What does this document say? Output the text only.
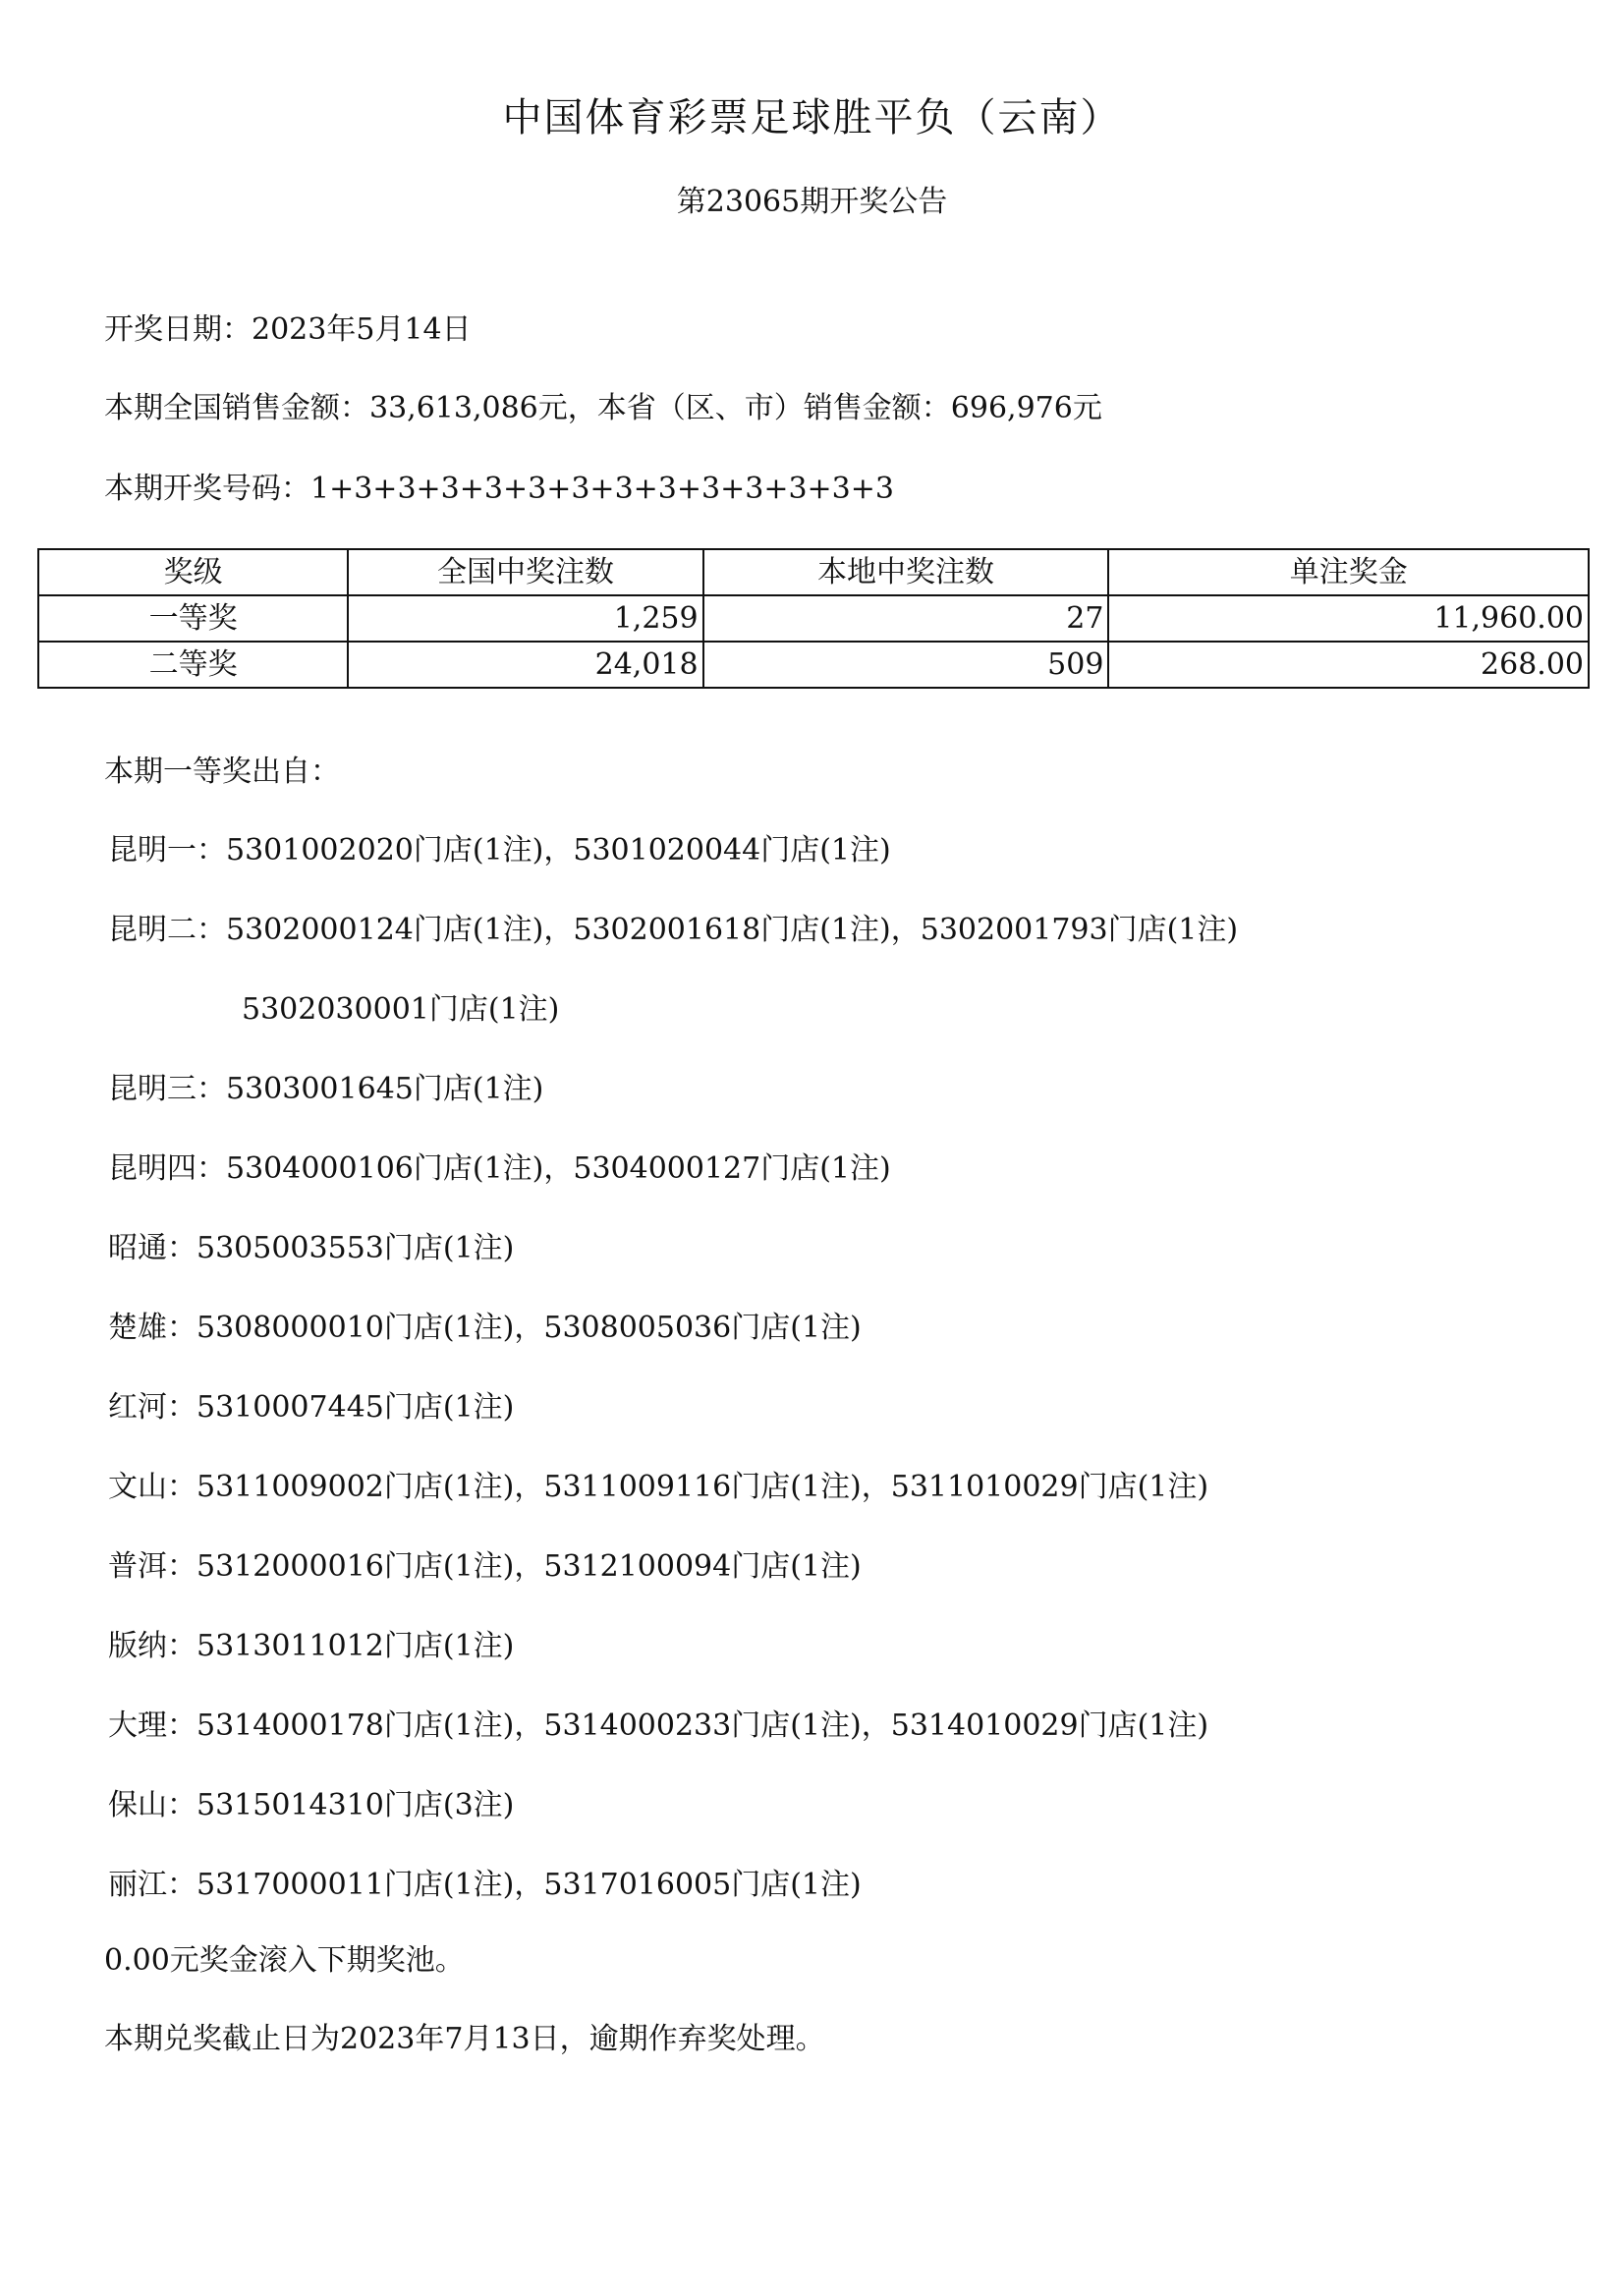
中国体育彩票足球胜平负（云南）
第23065期开奖公告
开奖日期：2023年5月14日
本期全国销售金额：33,613,086元，本省（区、市）销售金额：696,976元
本期开奖号码：1+3+3+3+3+3+3+3+3+3+3+3+3+3
奖级	全国中奖注数	本地中奖注数	单注奖金
一等奖	1,259	27	11,960.00
二等奖	24,018	509	268.00
本期一等奖出自：
昆明一：5301002020门店(1注)，5301020044门店(1注)
昆明二：5302000124门店(1注)，5302001618门店(1注)，5302001793门店(1注)
5302030001门店(1注)
昆明三：5303001645门店(1注)
昆明四：5304000106门店(1注)，5304000127门店(1注)
昭通：5305003553门店(1注)
楚雄：5308000010门店(1注)，5308005036门店(1注)
红河：5310007445门店(1注)
文山：5311009002门店(1注)，5311009116门店(1注)，5311010029门店(1注)
普洱：5312000016门店(1注)，5312100094门店(1注)
版纳：5313011012门店(1注)
大理：5314000178门店(1注)，5314000233门店(1注)，5314010029门店(1注)
保山：5315014310门店(3注)
丽江：5317000011门店(1注)，5317016005门店(1注)
0.00元奖金滚入下期奖池。
本期兑奖截止日为2023年7月13日，逾期作弃奖处理。
